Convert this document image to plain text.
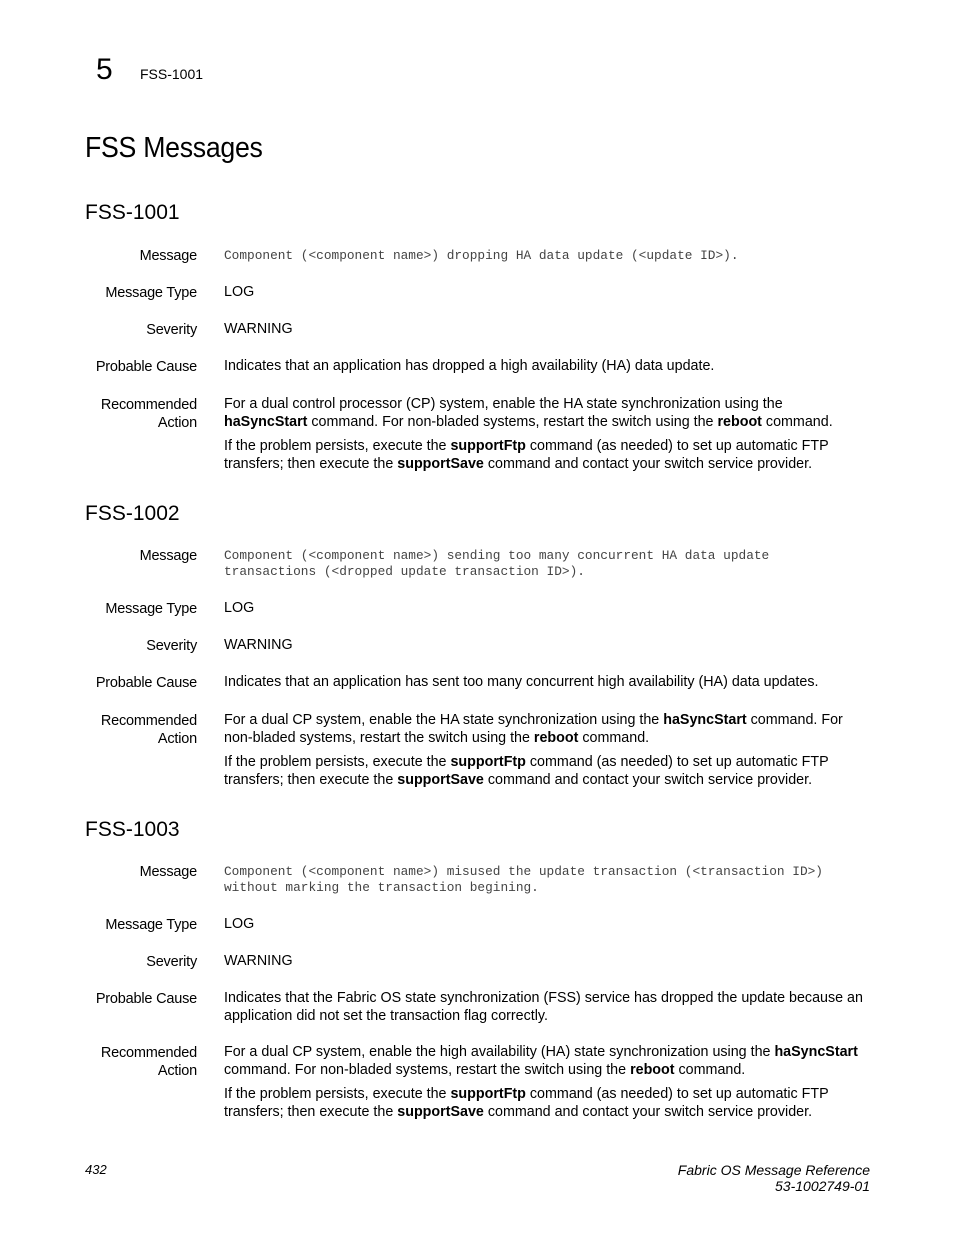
5 FSS-1001
FSS Messages
FSS-1001
Message Component (<component name>) dropping HA data update (<update ID>).
Message Type LOG
Severity WARNING
Probable Cause Indicates that an application has dropped a high availability (HA) data update.
Recommended
Action

For a dual control processor (CP) system, enable the HA state synchronization using the haSyncStart command. For non-bladed systems, restart the switch using the reboot command.

If the problem persists, execute the supportFtp command (as needed) to set up automatic FTP transfers; then execute the supportSave command and contact your switch service provider.

FSS-1002
Message Component (<component name>) sending too many concurrent HA data update transactions (<dropped update transaction ID>).
Message Type LOG
Severity WARNING
Probable Cause Indicates that an application has sent too many concurrent high availability (HA) data updates.
Recommended
Action

For a dual CP system, enable the HA state synchronization using the haSyncStart command. For non-bladed systems, restart the switch using the reboot command.

If the problem persists, execute the supportFtp command (as needed) to set up automatic FTP transfers; then execute the supportSave command and contact your switch service provider.

FSS-1003
Message Component (<component name>) misused the update transaction (<transaction ID>) without marking the transaction begining.
Message Type LOG
Severity WARNING
Probable Cause Indicates that the Fabric OS state synchronization (FSS) service has dropped the update because an application did not set the transaction flag correctly.
Recommended
Action

For a dual CP system, enable the high availability (HA) state synchronization using the haSyncStart command. For non-bladed systems, restart the switch using the reboot command.

If the problem persists, execute the supportFtp command (as needed) to set up automatic FTP transfers; then execute the supportSave command and contact your switch service provider.

432	Fabric OS Message Reference
53-1002749-01
